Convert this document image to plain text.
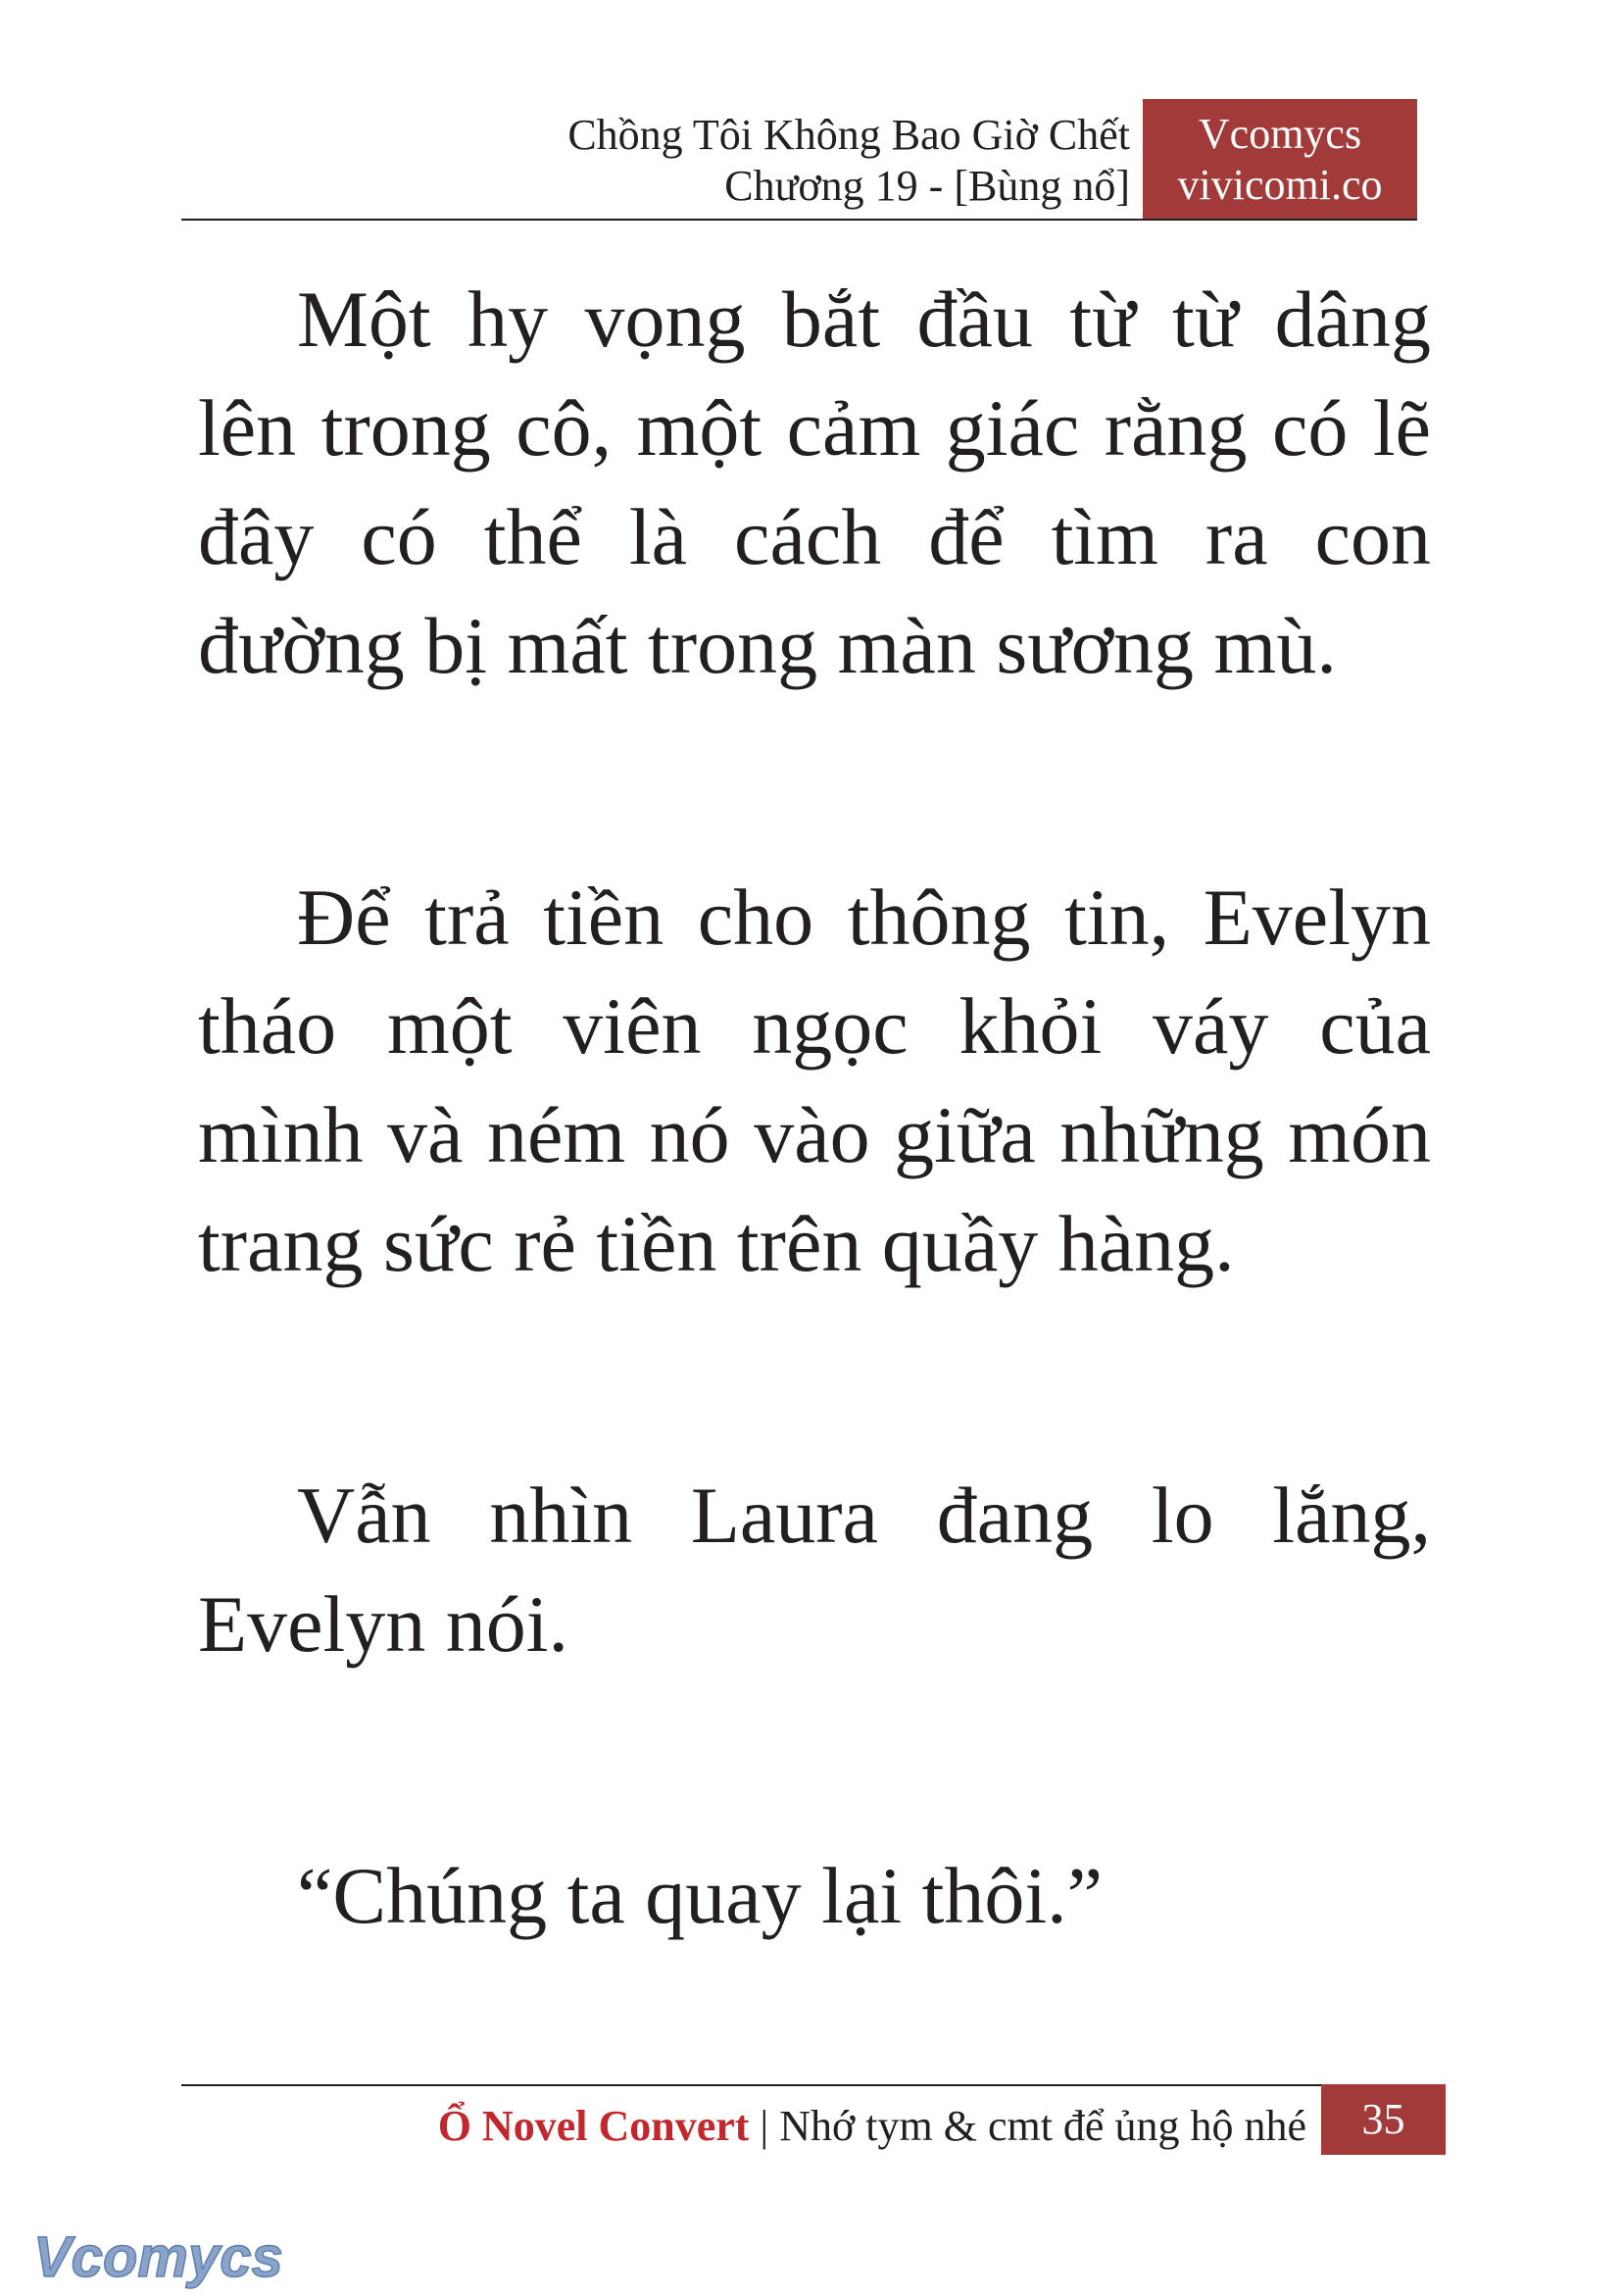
Chồng Tôi Không Bao Giờ Chết
Chương 19 - [Bùng nổ]
Vcomycs
vivicomi.co

Một hy vọng bắt đầu từ từ dâng lên trong cô, một cảm giác rằng có lẽ đây có thể là cách để tìm ra con đường bị mất trong màn sương mù.

Để trả tiền cho thông tin, Evelyn tháo một viên ngọc khỏi váy của mình và ném nó vào giữa những món trang sức rẻ tiền trên quầy hàng.

Vẫn nhìn Laura đang lo lắng, Evelyn nói.

“Chúng ta quay lại thôi.”

Ổ Novel Convert | Nhớ tym & cmt để ủng hộ nhé	35
Vcomycs
